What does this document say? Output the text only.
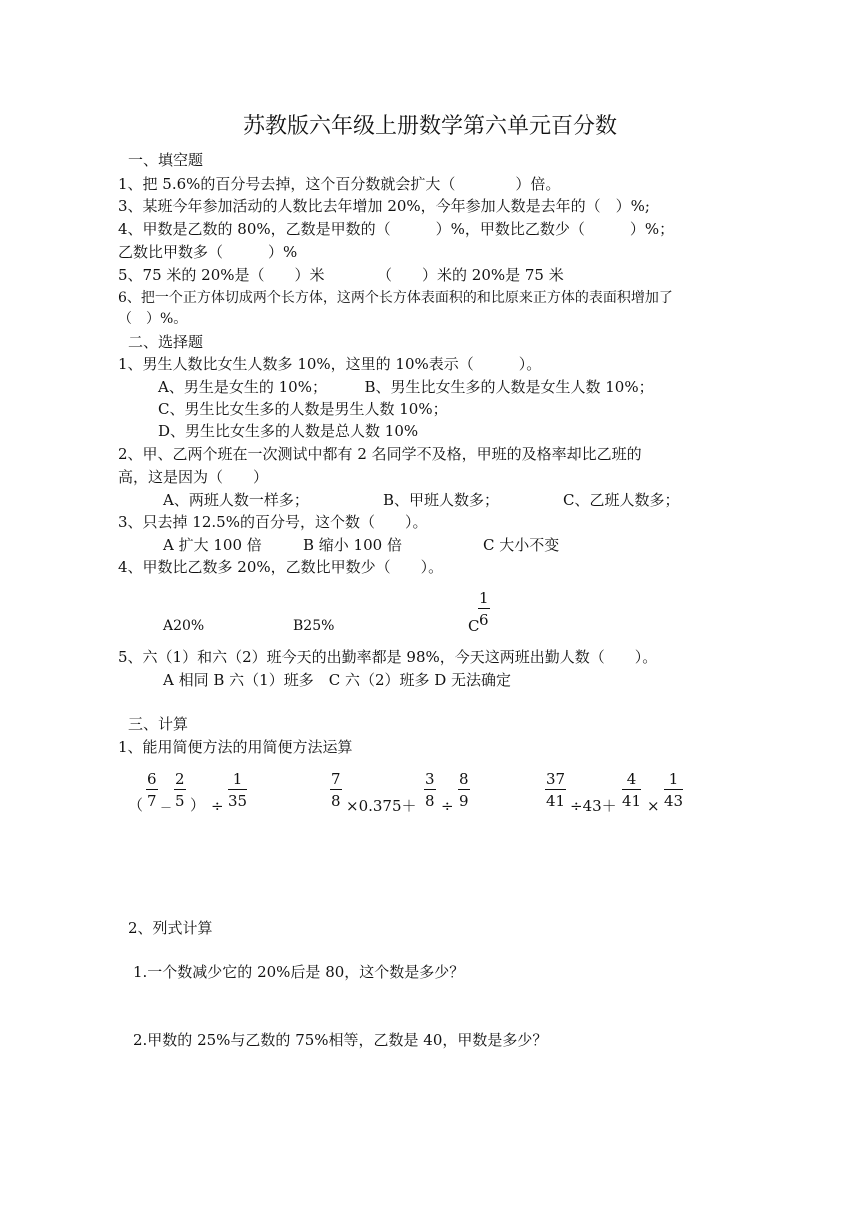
苏教版六年级上册数学第六单元百分数
一、填空题
1、把 5.6%的百分号去掉，这个百分数就会扩大（　　　　）倍。
3、某班今年参加活动的人数比去年增加 20%，今年参加人数是去年的（　）%;
4、甲数是乙数的 80%，乙数是甲数的（　　　）%，甲数比乙数少（　　　）%；
乙数比甲数多（　　　）%
5、75 米的 20%是（　　）米　　　　（　　）米的 20%是 75 米
6、把一个正方体切成两个长方体，这两个长方体表面积的和比原来正方体的表面积增加了
（　）%。
二、选择题
1、男生人数比女生人数多 10%，这里的 10%表示（　　　）。
A、男生是女生的 10%；　　　B、男生比女生多的人数是女生人数 10%；
C、男生比女生多的人数是男生人数 10%；
D、男生比女生多的人数是总人数 10%
2、甲、乙两个班在一次测试中都有 2 名同学不及格，甲班的及格率却比乙班的
高，这是因为（　　）
A、两班人数一样多；	B、甲班人数多；	C、乙班人数多；
3、只去掉 12.5%的百分号，这个数（　　）。
A 扩大 100 倍	B 缩小 100 倍	C 大小不变
4、甲数比乙数多 20%，乙数比甲数少（　　）。
A20%	B25%	C
$\frac{1}{6}$
5、六（1）和六（2）班今天的出勤率都是 98%，今天这两班出勤人数（　　）。
A 相同 B 六（1）班多　C 六（2）班多 D 无法确定
三、计算
1、能用简便方法的用简便方法运算
（ $\frac{6}{7} - \frac{2}{5}$ ） ÷ $\frac{1}{35}$	$\frac{7}{8} \times 0.375+ \frac{3}{8} \div \frac{8}{9}$	$\frac{37}{41} \div 43+ \frac{4}{41} \times \frac{1}{43}$
2、列式计算
1.一个数减少它的 20%后是 80，这个数是多少？
2.甲数的 25%与乙数的 75%相等，乙数是 40，甲数是多少？
